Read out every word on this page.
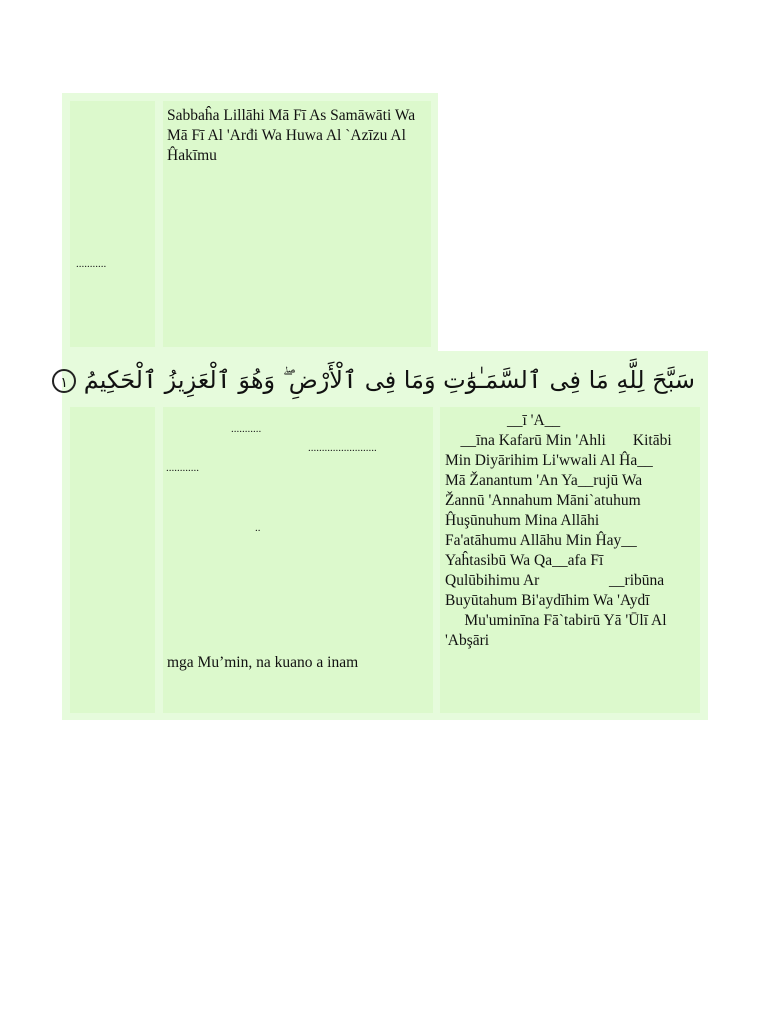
...........
Sabbaĥa Lillāhi Mā Fī As Samāwāti Wa Mā Fī Al 'Arđi Wa Huwa Al `Azīzu Al Ĥakīmu
سَبَّحَ لِلَّهِ مَا فِى ٱلسَّمَـٰوَٰتِ وَمَا فِى ٱلْأَرْضِ ۖ وَهُوَ ٱلْعَزِيزُ ٱلْحَكِيمُ ١
...........
.........................
............
..
mga Mu’min, na kuano a inam
__ī 'A__
__īna Kafarū Min 'Ahli       Kitābi
Min Diyārihim Li'wwali Al Ĥa__
Mā Žanantum 'An Ya__rujū Wa
Žannū 'Annahum Māni`atuhum
Ĥuşūnuhum Mina Allāhi
Fa'atāhumu Allāhu Min Ĥay__
Yaĥtasibū Wa Qa__afa Fī
Qulūbihimu Ar                  __ribūna
Buyūtahum Bi'aydīhim Wa 'Aydī
Mu'uminīna Fā`tabirū Yā 'Ūlī Al
'Abşāri
